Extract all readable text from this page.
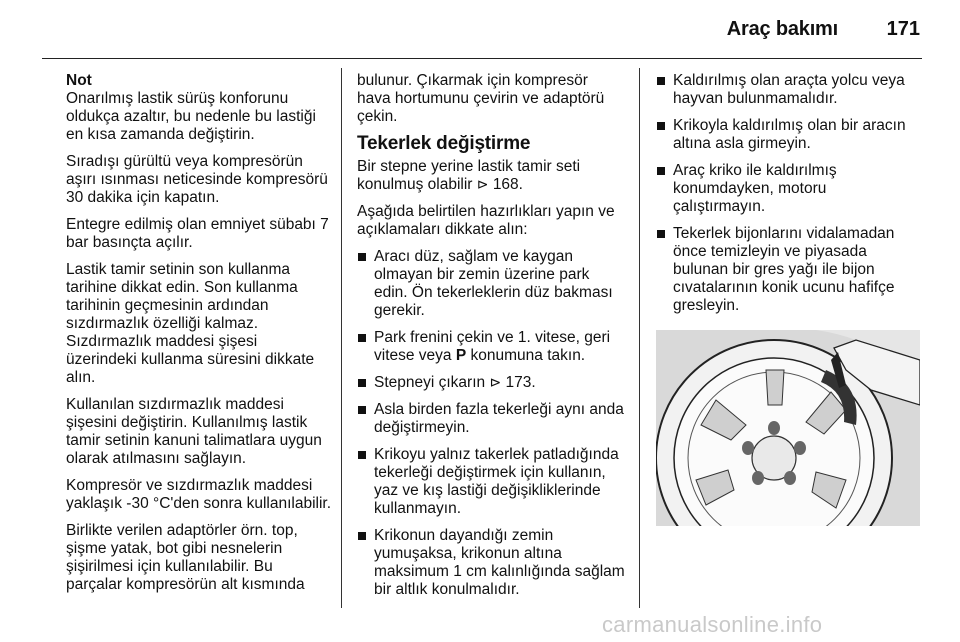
Araç bakımı 171

Not
Onarılmış lastik sürüş konforunu oldukça azaltır, bu nedenle bu lastiği en kısa zamanda değiştirin.

Sıradışı gürültü veya kompresörün aşırı ısınması neticesinde kompresörü 30 dakika için kapatın.

Entegre edilmiş olan emniyet sübabı 7 bar basınçta açılır.

Lastik tamir setinin son kullanma tarihine dikkat edin. Son kullanma tarihinin geçmesinin ardından sızdırmazlık özelliği kalmaz. Sızdırmazlık maddesi şişesi üzerindeki kullanma süresini dikkate alın.

Kullanılan sızdırmazlık maddesi şişesini değiştirin. Kullanılmış lastik tamir setinin kanuni talimatlara uygun olarak atılmasını sağlayın.

Kompresör ve sızdırmazlık maddesi yaklaşık -30 °C'den sonra kullanılabilir.

Birlikte verilen adaptörler örn. top, şişme yatak, bot gibi nesnelerin şişirilmesi için kullanılabilir. Bu parçalar kompresörün alt kısmında

bulunur. Çıkarmak için kompresör hava hortumunu çevirin ve adaptörü çekin.

Tekerlek değiştirme

Bir stepne yerine lastik tamir seti konulmuş olabilir ⊳ 168.

Aşağıda belirtilen hazırlıkları yapın ve açıklamaları dikkate alın:

Aracı düz, sağlam ve kaygan olmayan bir zemin üzerine park edin. Ön tekerleklerin düz bakması gerekir.
Park frenini çekin ve 1. vitese, geri vitese veya P konumuna takın.
Stepneyi çıkarın ⊳ 173.
Asla birden fazla tekerleği aynı anda değiştirmeyin.
Krikoyu yalnız takerlek patladığında tekerleği değiştirmek için kullanın, yaz ve kış lastiği değişikliklerinde kullanmayın.
Krikonun dayandığı zemin yumuşaksa, krikonun altına maksimum 1 cm kalınlığında sağlam bir altlık konulmalıdır.
Kaldırılmış olan araçta yolcu veya hayvan bulunmamalıdır.
Krikoyla kaldırılmış olan bir aracın altına asla girmeyin.
Araç kriko ile kaldırılmış konumdayken, motoru çalıştırmayın.
Tekerlek bijonlarını vidalamadan önce temizleyin ve piyasada bulunan bir gres yağı ile bijon cıvatalarının konik ucunu hafifçe gresleyin.
carmanualsonline.info
